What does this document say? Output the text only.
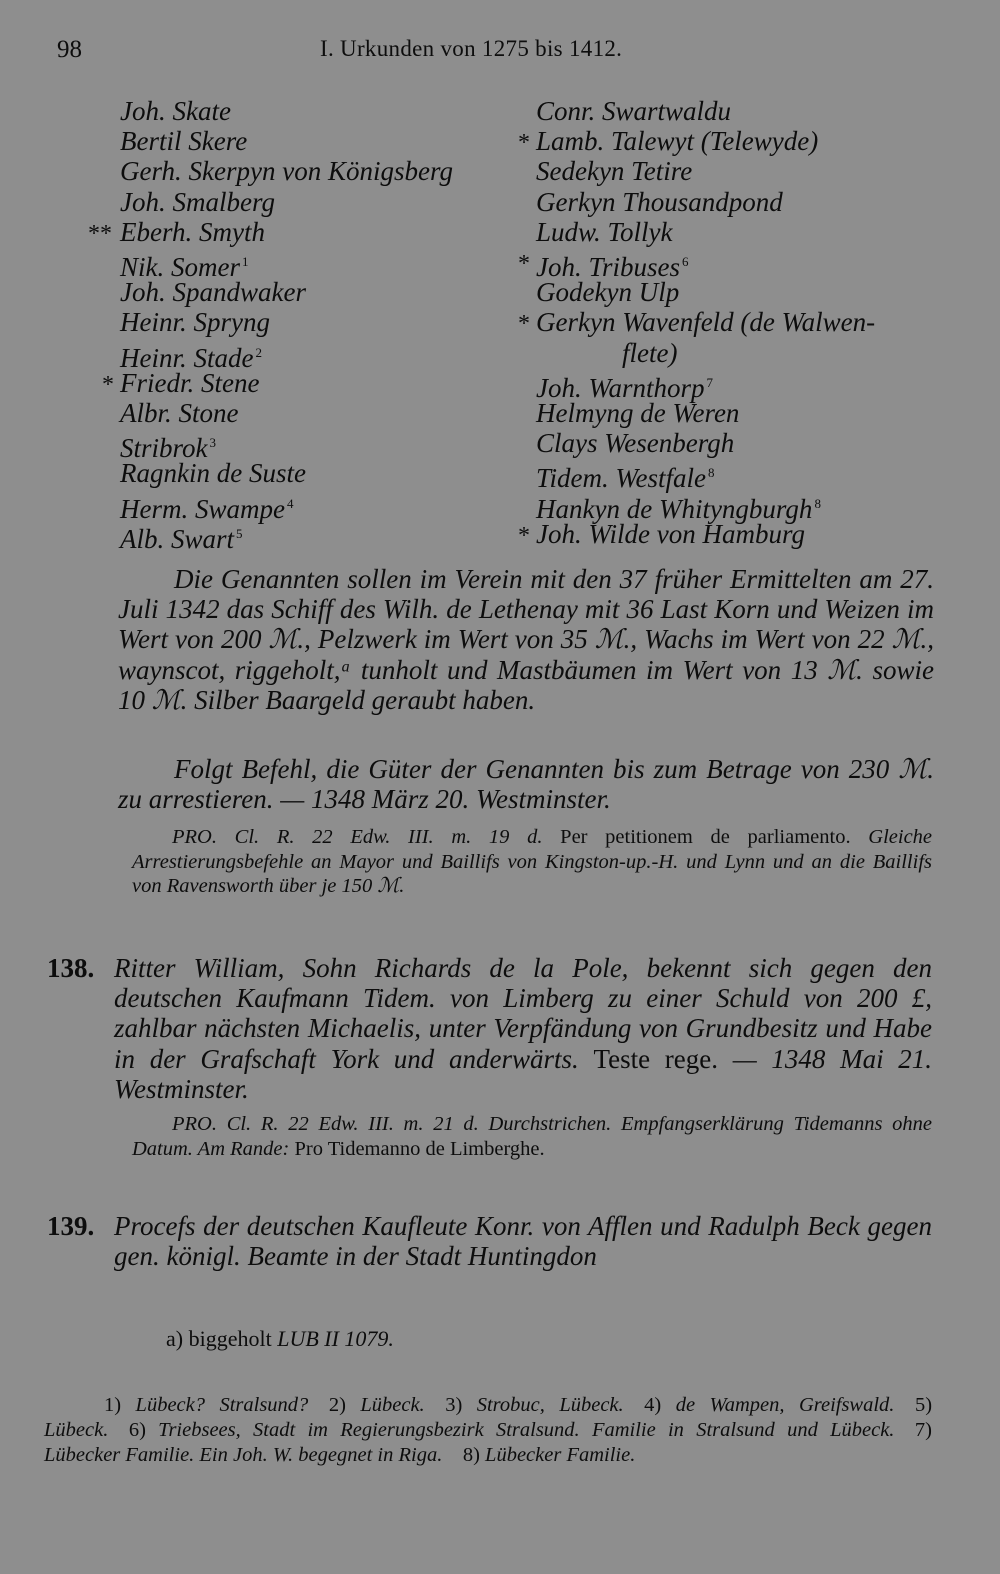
98	I. Urkunden von 1275 bis 1412.
Joh. Skate
Bertil Skere
Gerh. Skerpyn von Königsberg
Joh. Smalberg
** Eberh. Smyth
Nik. Somer $^1$
Joh. Spandwaker
Heinr. Spryng
Heinr. Stade $^2$
* Friedr. Stene
Albr. Stone
Stribrok $^3$
Ragnkin de Suste
Herm. Swampe $^4$
Alb. Swart $^5$
Conr. Swartwaldu
* Lamb. Talewyt (Telewyde)
Sedekyn Tetire
Gerkyn Thousandpond
Ludw. Tollyk
* Joh. Tribuses $^6$
Godekyn Ulp
* Gerkyn Wavenfeld (de Walwen-
flete)
Joh. Warnthorp $^7$
Helmyng de Weren
Clays Wesenbergh
Tidem. Westfale $^8$
Hankyn de Whityngburgh $^8$
* Joh. Wilde von Hamburg
Die Genannten sollen im Verein mit den 37 früher Ermittelten am 27. Juli 1342 das Schiff des Wilh. de Lethenay mit 36 Last Korn und Weizen im Wert von 200 ℳ., Pelzwerk im Wert von 35 ℳ., Wachs im Wert von 22 ℳ., waynscot, riggeholt,ᵃ tunholt und Mastbäumen im Wert von 13 ℳ. sowie 10 ℳ. Silber Baargeld geraubt haben.
Folgt Befehl, die Güter der Genannten bis zum Betrage von 230 ℳ. zu arrestieren. — 1348 März 20. Westminster.
PRO. Cl. R. 22 Edw. III. m. 19 d. Per petitionem de parliamento. Gleiche Arrestierungsbefehle an Mayor und Baillifs von Kingston-up.-H. und Lynn und an die Baillifs von Ravensworth über je 150 ℳ.
138. Ritter William, Sohn Richards de la Pole, bekennt sich gegen den deutschen Kaufmann Tidem. von Limberg zu einer Schuld von 200 £, zahlbar nächsten Michaelis, unter Verpfändung von Grundbesitz und Habe in der Grafschaft York und anderwärts. Teste rege. — 1348 Mai 21. Westminster.
PRO. Cl. R. 22 Edw. III. m. 21 d. Durchstrichen. Empfangserklärung Tidemanns ohne Datum. Am Rande: Pro Tidemanno de Limberghe.
139. Procefs der deutschen Kaufleute Konr. von Afflen und Radulph Beck gegen gen. königl. Beamte in der Stadt Huntingdon
a) biggeholt LUB II 1079.
1) Lübeck? Stralsund?  2) Lübeck.  3) Strobuc, Lübeck.  4) de Wampen, Greifswald.  5) Lübeck.  6) Triebsees, Stadt im Regierungsbezirk Stralsund. Familie in Stralsund und Lübeck.  7) Lübecker Familie. Ein Joh. W. begegnet in Riga.  8) Lübecker Familie. 
